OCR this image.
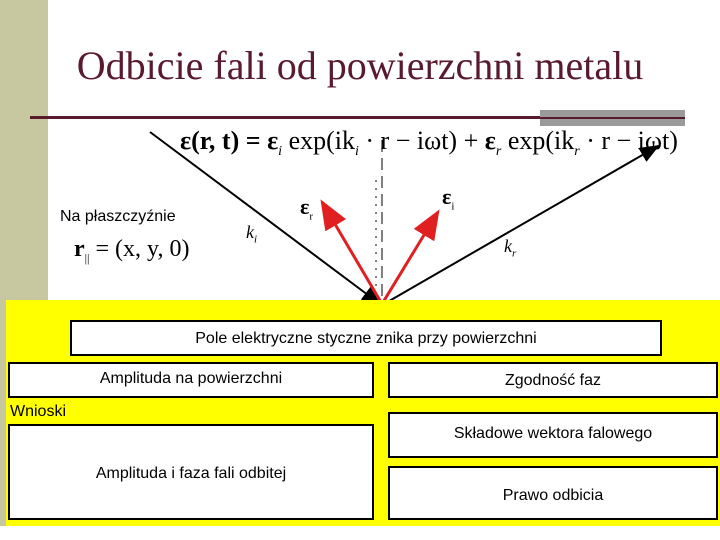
Odbicie fali od powierzchni metalu
ε(r, $t) = \varepsilon_i$ $\exp(ik_i \cdot r - i\omega t) + \varepsilon_r$ $\exp(ik_r \cdot r - i\omega t)$
Na płaszczyźnie
$r_{||} = (x$, y, 0)
$k_i$	$k_r$
$\varepsilon_r$
$\varepsilon_i$
Pole elektryczne styczne znika przy powierzchni
Amplituda na powierzchni	Zgodność faz
Wnioski
Składowe wektora falowego
Amplituda i faza fali odbitej
Prawo odbicia
